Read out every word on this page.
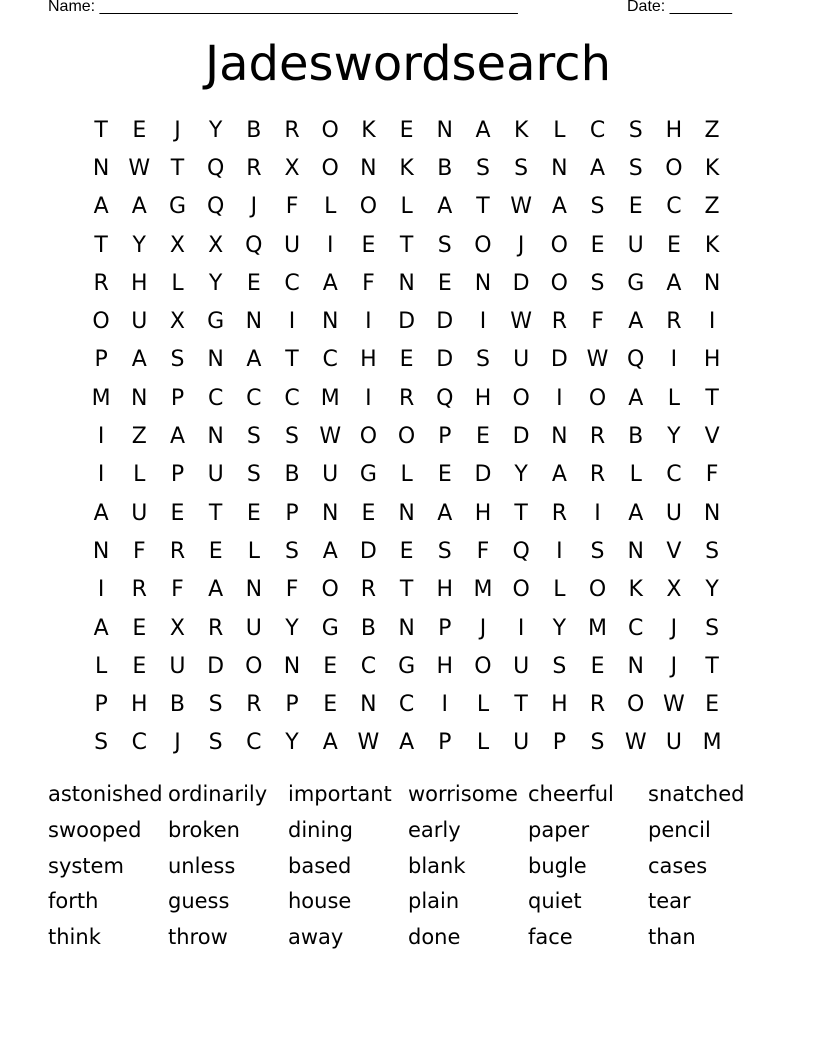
Name: _______________________________________________	Date: _______
Jadeswordsearch
T	E	J	Y	B	R O	K	E	N	A	K	L	C	S	H	Z
N W T	Q R	X O N	K	B	S	S	N	A	S	O	K
A	A	G Q	J	F	L	O	L	A	T W A	S	E	C	Z
T	Y	X	X Q U	I	E	T	S	O	J	O	E	U	E	K
R	H	L	Y	E	C	A	F	N	E	N D O	S	G	A	N
O U	X	G N	I	N	I	D D	I	W R	F	A	R	I
P	A	S	N	A	T	C	H	E	D	S	U D W Q	I	H
M N	P	C	C	C M	I	R Q H O	I	O	A	L	T
I	Z	A	N	S	S W O O	P	E	D N	R	B	Y	V
I	L	P	U	S	B	U G	L	E	D	Y	A	R	L	C	F
A	U	E	T	E	P	N	E	N	A	H	T	R	I	A	U N
N	F	R	E	L	S	A	D	E	S	F	Q	I	S	N	V	S
I	R	F	A	N	F	O R	T	H M O	L	O	K	X	Y
A	E	X	R	U	Y	G	B	N	P	J	I	Y M C	J	S
L	E	U D O N	E	C G H O U	S	E	N	J	T
P	H	B	S	R	P	E	N	C	I	L	T	H	R O W E
S	C	J	S	C	Y	A W A	P	L	U	P	S W U M
astonished ordinarily important worrisome cheerful	snatched
swooped	broken	dining	early	paper	pencil
system	unless	based	blank	bugle	cases
forth	guess	house	plain	quiet	tear
think	throw	away	done	face	than
